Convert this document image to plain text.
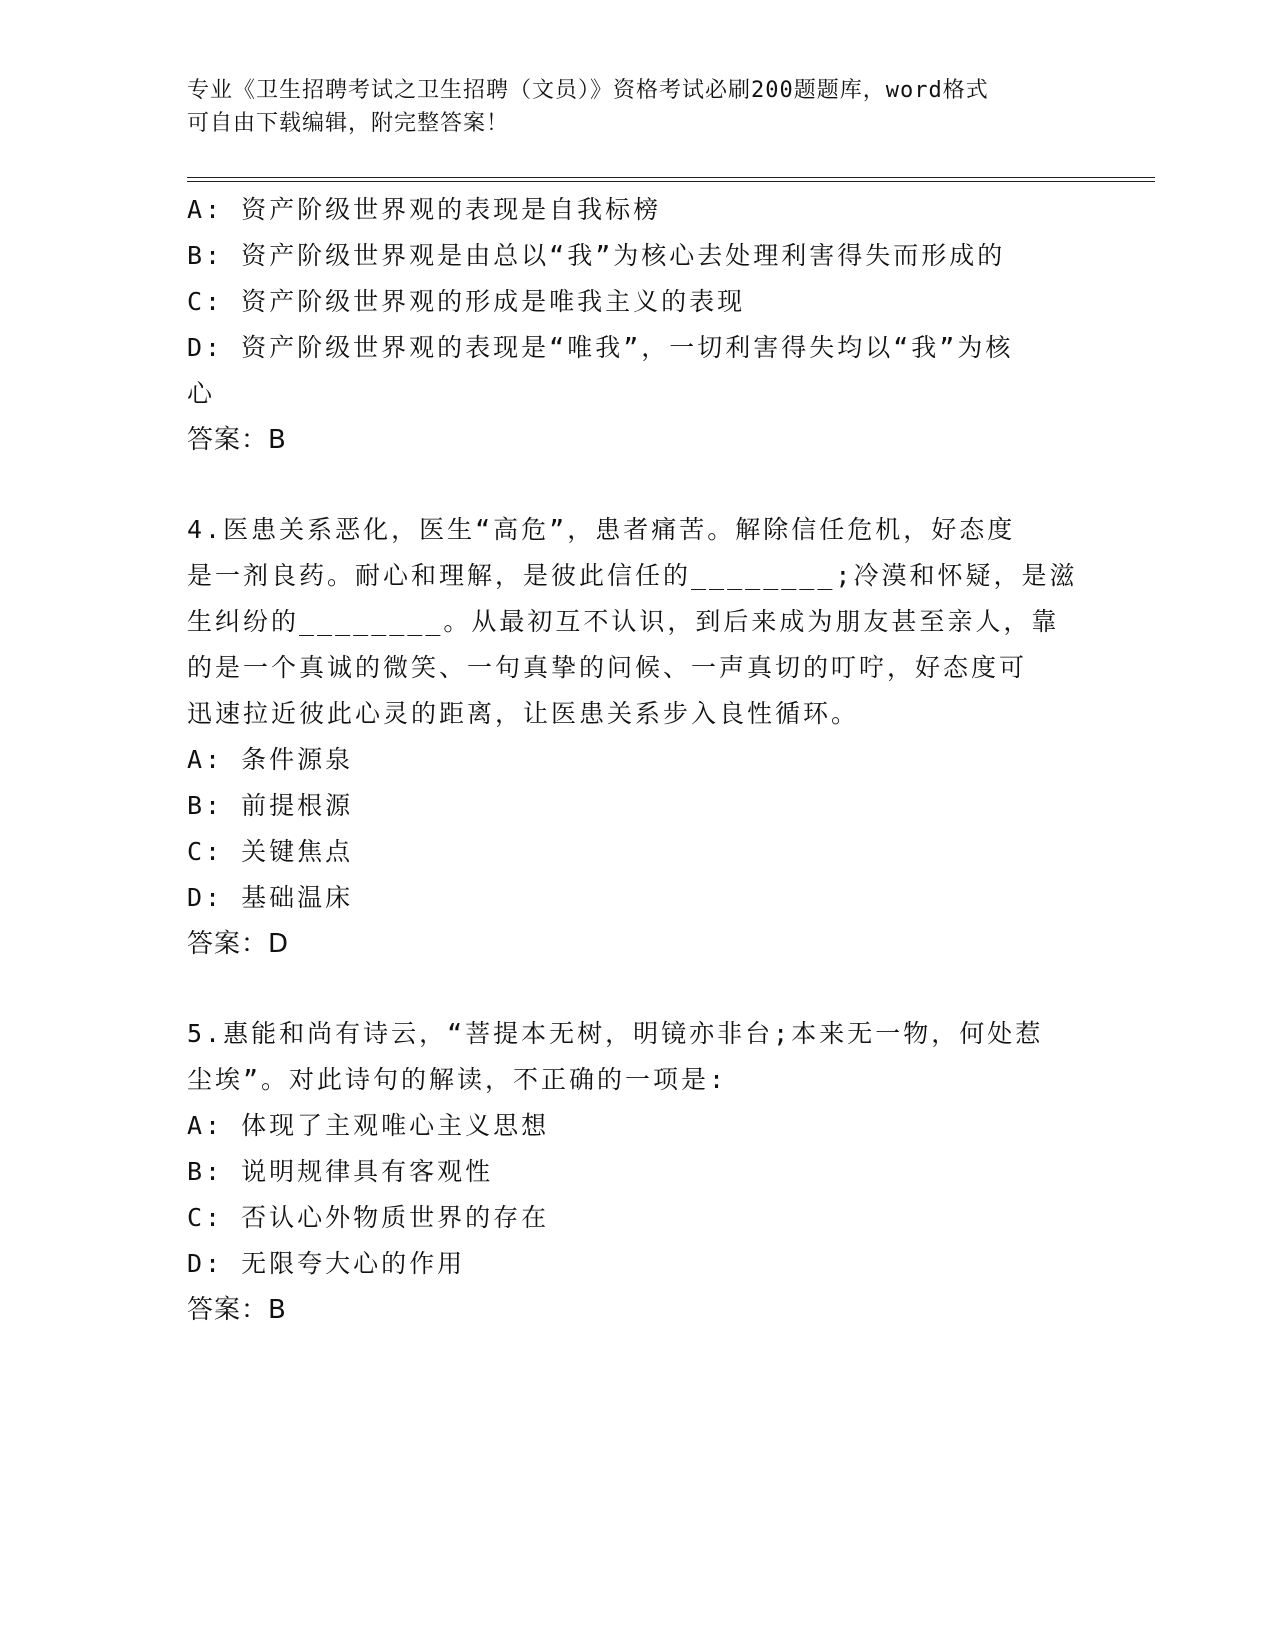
专业《卫生招聘考试之卫生招聘（文员）》资格考试必刷200题题库，word格式
可自由下载编辑，附完整答案！
A: 资产阶级世界观的表现是自我标榜
B: 资产阶级世界观是由总以“我”为核心去处理利害得失而形成的
C: 资产阶级世界观的形成是唯我主义的表现
D: 资产阶级世界观的表现是“唯我”，一切利害得失均以“我”为核
心
答案：B
4.医患关系恶化，医生“高危”，患者痛苦。解除信任危机，好态度
是一剂良药。耐心和理解，是彼此信任的________;冷漠和怀疑，是滋
生纠纷的________。从最初互不认识，到后来成为朋友甚至亲人，靠
的是一个真诚的微笑、一句真挚的问候、一声真切的叮咛，好态度可
迅速拉近彼此心灵的距离，让医患关系步入良性循环。
A: 条件源泉
B: 前提根源
C: 关键焦点
D: 基础温床
答案：D
5.惠能和尚有诗云，“菩提本无树，明镜亦非台;本来无一物，何处惹
尘埃”。对此诗句的解读，不正确的一项是:
A: 体现了主观唯心主义思想
B: 说明规律具有客观性
C: 否认心外物质世界的存在
D: 无限夸大心的作用
答案：B
